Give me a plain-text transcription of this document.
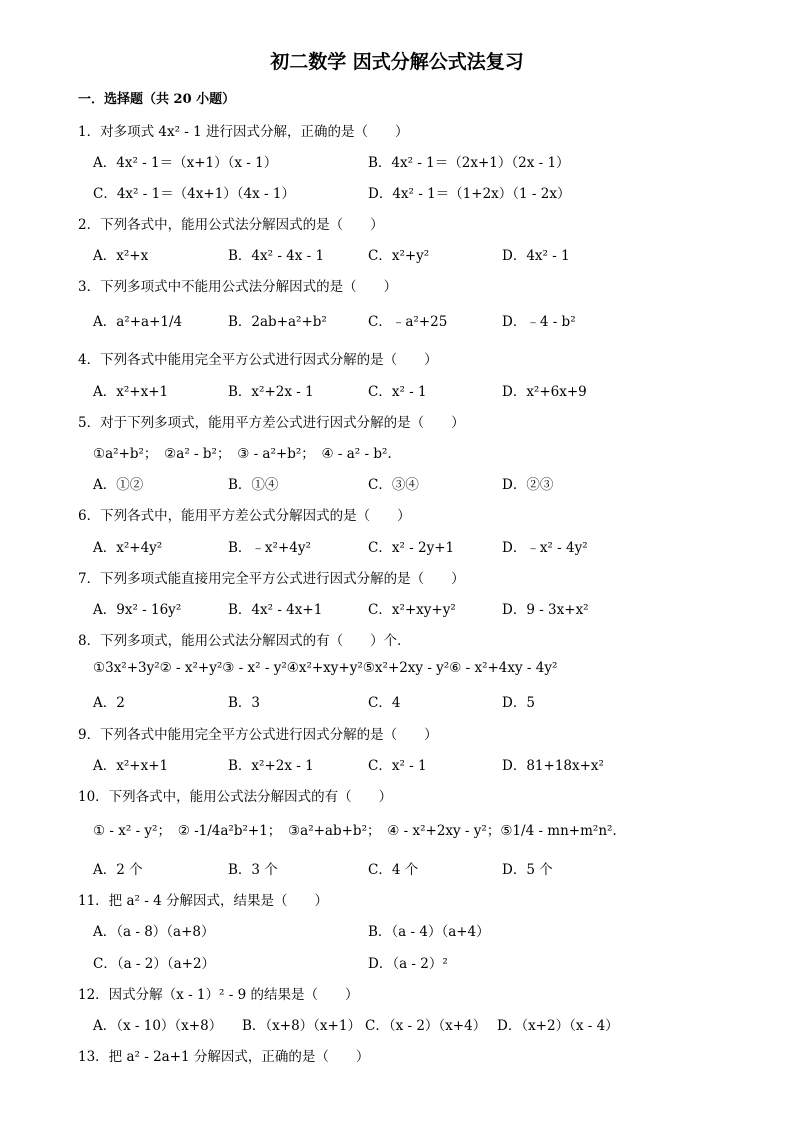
初二数学 因式分解公式法复习
一．选择题（共 20 小题）
1．对多项式 4x² - 1 进行因式分解，正确的是（　　）
A．4x² - 1＝（x+1）（x - 1）	B．4x² - 1＝（2x+1）（2x - 1）
C．4x² - 1＝（4x+1）（4x - 1）	D．4x² - 1＝（1+2x）（1 - 2x）
2．下列各式中，能用公式法分解因式的是（　　）
A．x²+x	B．4x² - 4x - 1	C．x²+y²	D．4x² - 1
3．下列多项式中不能用公式法分解因式的是（　　）
A．a²+a+1/4	B．2ab+a²+b²	C．﹣a²+25	D．﹣4 - b²
4．下列各式中能用完全平方公式进行因式分解的是（　　）
A．x²+x+1	B．x²+2x - 1	C．x² - 1	D．x²+6x+9
5．对于下列多项式，能用平方差公式进行因式分解的是（　　）
①a²+b²；　②a² - b²；　③ - a²+b²；　④ - a² - b².
A．①②	B．①④	C．③④	D．②③
6．下列各式中，能用平方差公式分解因式的是（　　）
A．x²+4y²	B．﹣x²+4y²	C．x² - 2y+1	D．﹣x² - 4y²
7．下列多项式能直接用完全平方公式进行因式分解的是（　　）
A．9x² - 16y²	B．4x² - 4x+1	C．x²+xy+y²	D．9 - 3x+x²
8．下列多项式，能用公式法分解因式的有（　　）个．
①3x²+3y²② - x²+y²③ - x² - y²④x²+xy+y²⑤x²+2xy - y²⑥ - x²+4xy - 4y²
A．2	B．3	C．4	D．5
9．下列各式中能用完全平方公式进行因式分解的是（　　）
A．x²+x+1	B．x²+2x - 1	C．x² - 1	D．81+18x+x²
10．下列各式中，能用公式法分解因式的有（　　）
① - x² - y²；　② -1/4a²b²+1；　③a²+ab+b²；　④ - x²+2xy - y²；⑤1/4 - mn+m²n².
A．2 个	B．3 个	C．4 个	D．5 个
11．把 a² - 4 分解因式，结果是（　　）
A．（a - 8）（a+8）	B．（a - 4）（a+4）
C．（a - 2）（a+2）	D．（a - 2）²
12．因式分解（x - 1）² - 9 的结果是（　　）
A．（x - 10）（x+8） B．（x+8）（x+1） C．（x - 2）（x+4） D．（x+2）（x - 4）
13．把 a² - 2a+1 分解因式，正确的是（　　）
